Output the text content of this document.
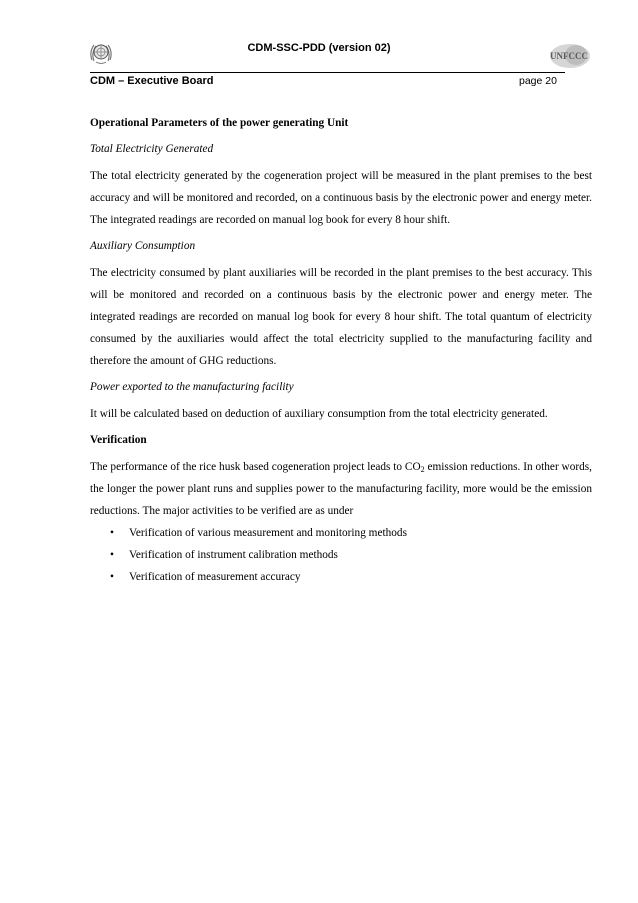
CDM-SSC-PDD (version 02)
UNFCCC
CDM – Executive Board	page 20

Operational Parameters of the power generating Unit

Total Electricity Generated

The total electricity generated by the cogeneration project will be measured in the plant premises to the best accuracy and will be monitored and recorded, on a continuous basis by the electronic power and energy meter. The integrated readings are recorded on manual log book for every 8 hour shift.

Auxiliary Consumption

The electricity consumed by plant auxiliaries will be recorded in the plant premises to the best accuracy. This will be monitored and recorded on a continuous basis by the electronic power and energy meter. The integrated readings are recorded on manual log book for every 8 hour shift. The total quantum of electricity consumed by the auxiliaries would affect the total electricity supplied to the manufacturing facility and therefore the amount of GHG reductions.

Power exported to the manufacturing facility

It will be calculated based on deduction of auxiliary consumption from the total electricity generated.

Verification

The performance of the rice husk based cogeneration project leads to $CO_2$ emission reductions. In other words, the longer the power plant runs and supplies power to the manufacturing facility, more would be the emission reductions. The major activities to be verified are as under

• Verification of various measurement and monitoring methods
• Verification of instrument calibration methods
• Verification of measurement accuracy
